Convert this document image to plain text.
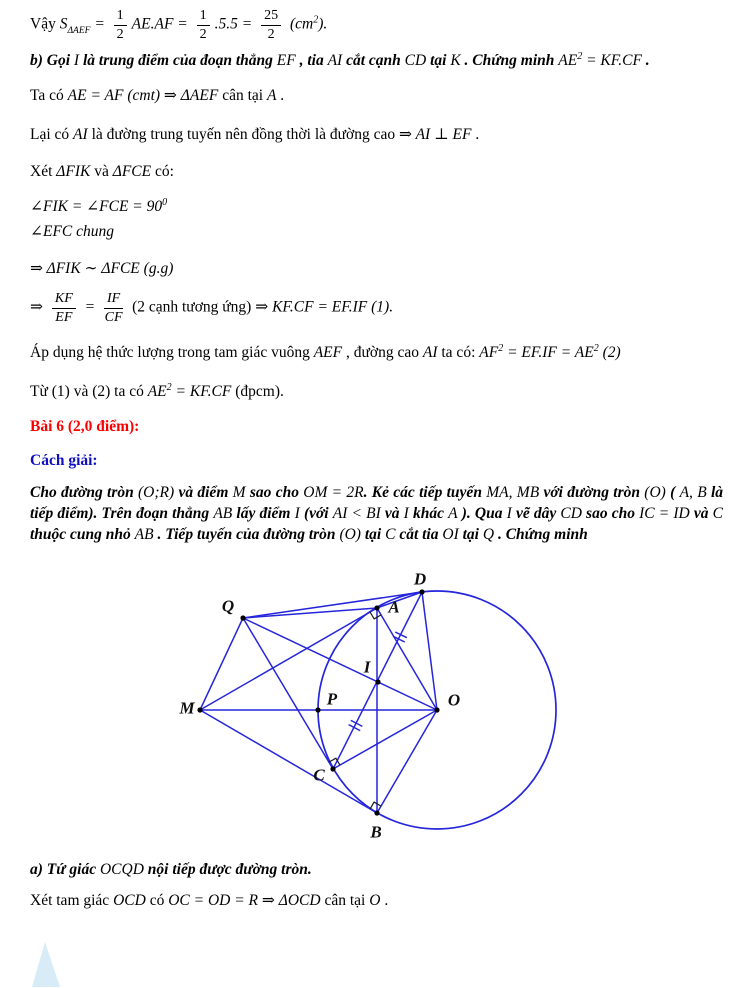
Vậy $S_{\Delta AEF} = \frac{1}{2} AE.AF = \frac{1}{2} .5.5 = \frac{25}{2} (cm^2)$.
b) Gọi I là trung điểm của đoạn thẳng EF , tia AI cắt cạnh CD tại K . Chứng minh $AE^2 = KF.CF$ .
Ta có AE = AF (cmt) ⇒ ΔAEF cân tại A .
Lại có AI là đường trung tuyến nên đồng thời là đường cao ⇒ AI ⊥ EF .
Xét ΔFIK và ΔFCE có:
∠FIK = ∠FCE = $90^0$
∠EFC chung
⇒ ΔFIK ∼ ΔFCE (g.g)
⇒ $\frac{KF}{EF} = \frac{IF}{CF} (2$ cạnh tương ứng) ⇒ KF.CF = EF.IF (1).
Áp dụng hệ thức lượng trong tam giác vuông AEF , đường cao AI ta có: $AF^2 = EF.IF = AE^2$ (2)
Từ (1) và (2) ta có $AE^2 = KF.CF$ (đpcm).
Bài 6 (2,0 điểm):
Cách giải:
Cho đường tròn (O;R) và điểm M sao cho OM = 2R. Kẻ các tiếp tuyến MA, MB với đường tròn (O) ( A, B là tiếp điểm). Trên đoạn thẳng AB lấy điểm I (với AI < BI và I khác A ). Qua I vẽ dây CD sao cho IC = ID và C thuộc cung nhỏ AB . Tiếp tuyến của đường tròn (O) tại C cắt tia OI tại Q . Chứng minh
M
Q
P
I
O
A
D
C
B
a) Tứ giác OCQD nội tiếp được đường tròn.
Xét tam giác OCD có OC = OD = R ⇒ ΔOCD cân tại O .
